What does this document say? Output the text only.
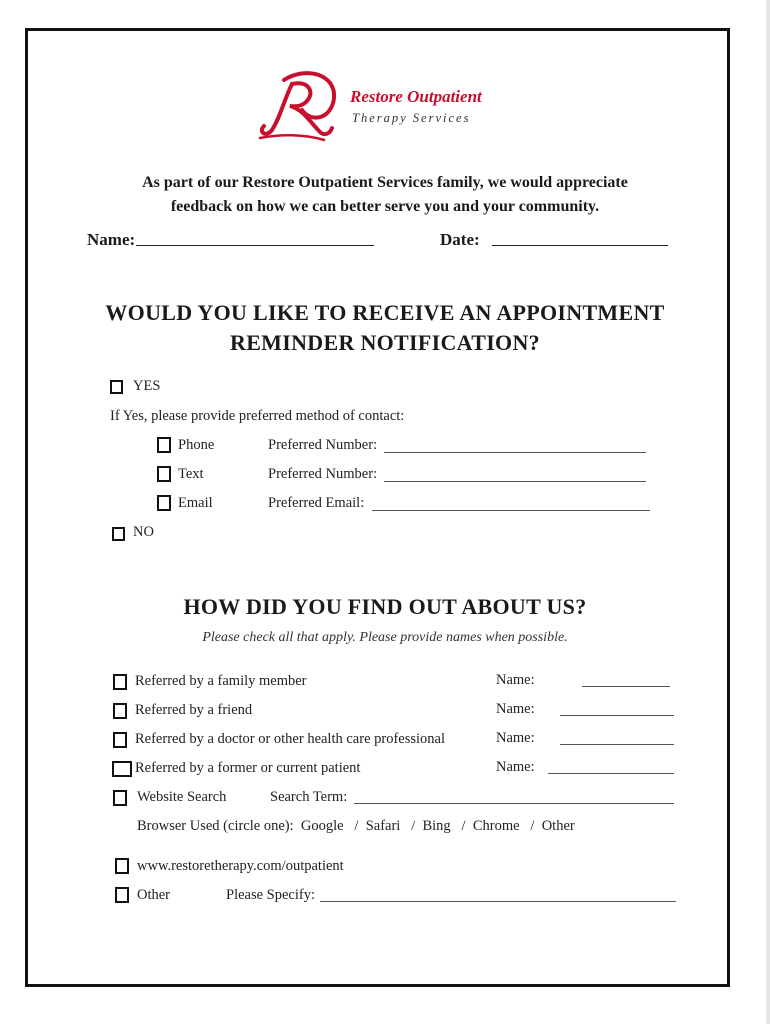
Restore Outpatient
Therapy Services
As part of our Restore Outpatient Services family, we would appreciate
feedback on how we can better serve you and your community.
Name:	Date:
WOULD YOU LIKE TO RECEIVE AN APPOINTMENT
REMINDER NOTIFICATION?
YES
If Yes, please provide preferred method of contact:
Phone	Preferred Number:
Text	Preferred Number:
Email	Preferred Email:
NO
HOW DID YOU FIND OUT ABOUT US?
Please check all that apply. Please provide names when possible.
Referred by a family member	Name:
Referred by a friend	Name:
Referred by a doctor or other health care professional	Name:
Referred by a former or current patient	Name:
Website Search	Search Term:
Browser Used (circle one):  Google   /  Safari   /  Bing   /  Chrome   /  Other
www.restoretherapy.com/outpatient
Other	Please Specify:
